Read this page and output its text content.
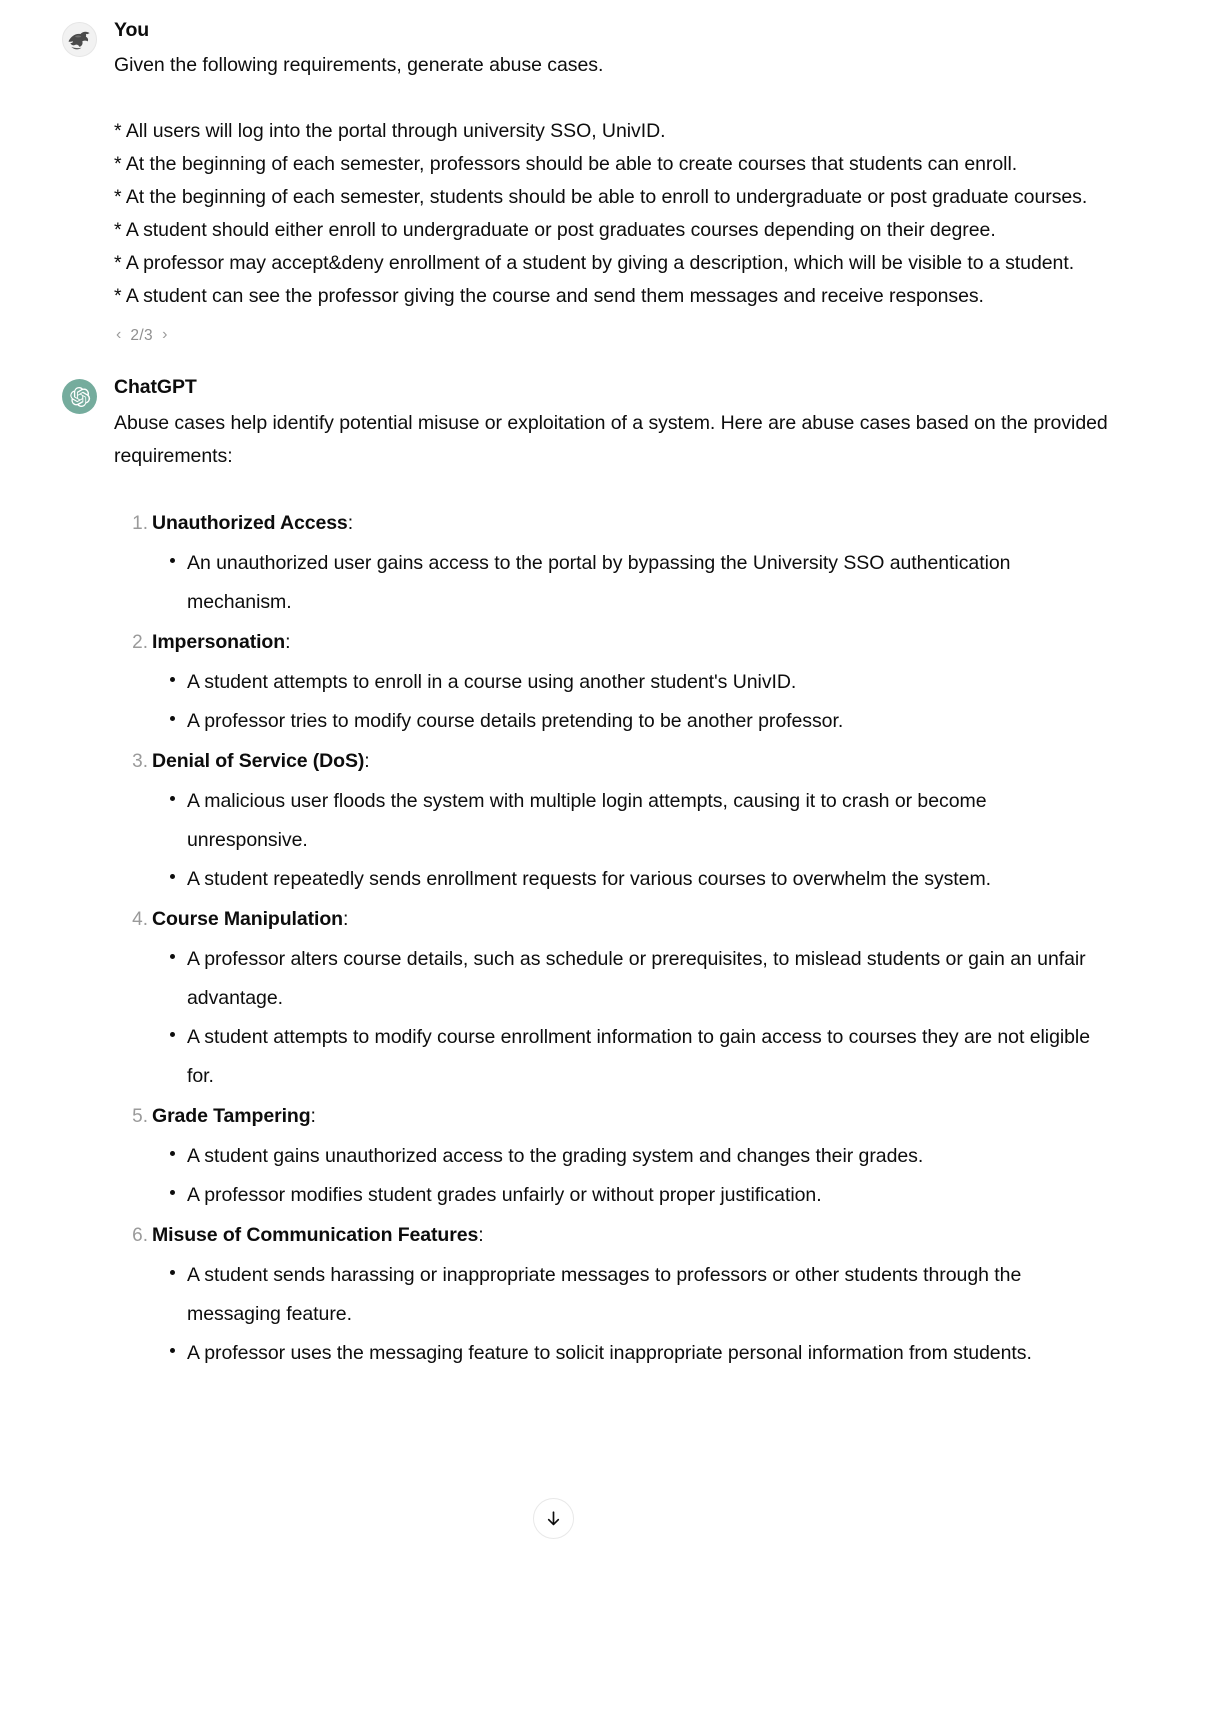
You

Given the following requirements, generate abuse cases.

* All users will log into the portal through university SSO, UnivID.

* At the beginning of each semester, professors should be able to create courses that students can enroll.

* At the beginning of each semester, students should be able to enroll to undergraduate or post graduate courses.

* A student should either enroll to undergraduate or post graduates courses depending on their degree.

* A professor may accept&deny enrollment of a student by giving a description, which will be visible to a student.

* A student can see the professor giving the course and send them messages and receive responses.

‹ 2/3 ›
ChatGPT

Abuse cases help identify potential misuse or exploitation of a system. Here are abuse cases based on the provided requirements:

Unauthorized Access:
An unauthorized user gains access to the portal by bypassing the University SSO authentication mechanism.
Impersonation:
A student attempts to enroll in a course using another student's UnivID.
A professor tries to modify course details pretending to be another professor.
Denial of Service (DoS):
A malicious user floods the system with multiple login attempts, causing it to crash or become unresponsive.
A student repeatedly sends enrollment requests for various courses to overwhelm the system.
Course Manipulation:
A professor alters course details, such as schedule or prerequisites, to mislead students or gain an unfair advantage.
A student attempts to modify course enrollment information to gain access to courses they are not eligible for.
Grade Tampering:
A student gains unauthorized access to the grading system and changes their grades.
A professor modifies student grades unfairly or without proper justification.
Misuse of Communication Features:
A student sends harassing or inappropriate messages to professors or other students through the messaging feature.
A professor uses the messaging feature to solicit inappropriate personal information from students.
